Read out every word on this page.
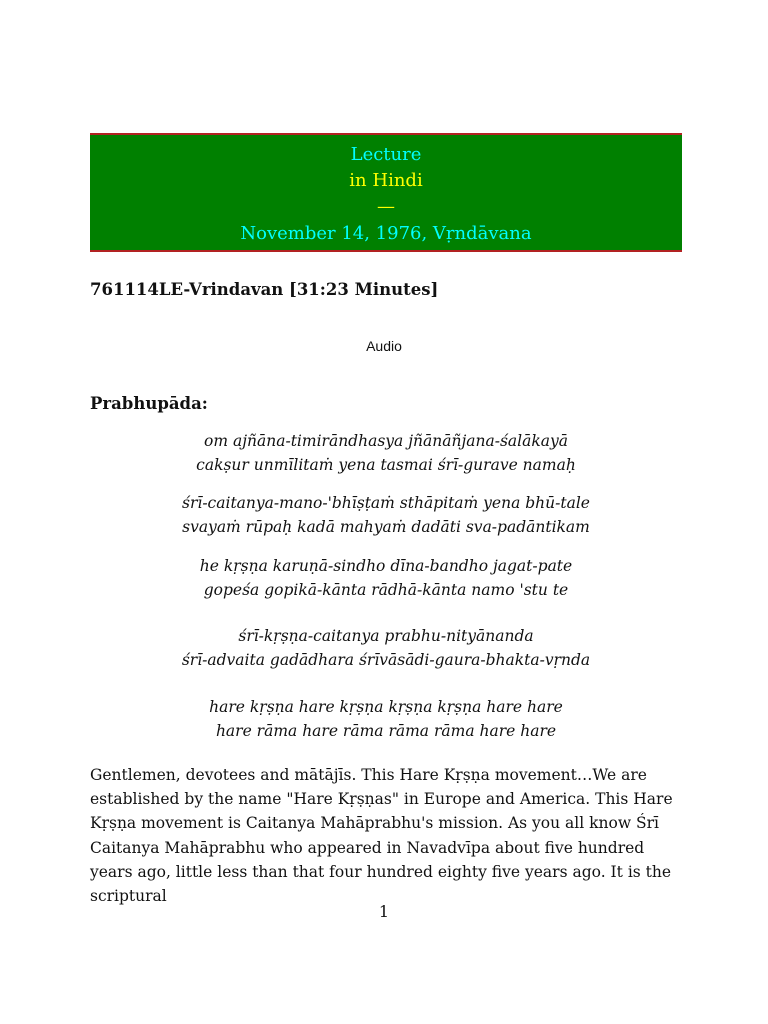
Lecture
in Hindi
—
November 14, 1976, Vṛndāvana
761114LE-Vrindavan [31:23 Minutes]
Audio
Prabhupāda:
om ajñāna-timirāndhasya jñānāñjana-śalākayā
cakṣur unmīlitaṁ yena tasmai śrī-gurave namaḥ
śrī-caitanya-mano-'bhīṣṭaṁ sthāpitaṁ yena bhū-tale
svayaṁ rūpaḥ kadā mahyaṁ dadāti sva-padāntikam
he kṛṣṇa karuṇā-sindho dīna-bandho jagat-pate
gopeśa gopikā-kānta rādhā-kānta namo 'stu te
śrī-kṛṣṇa-caitanya prabhu-nityānanda
śrī-advaita gadādhara śrīvāsādi-gaura-bhakta-vṛnda
hare kṛṣṇa hare kṛṣṇa kṛṣṇa kṛṣṇa hare hare
hare rāma hare rāma rāma rāma hare hare

Gentlemen, devotees and mātājīs. This Hare Kṛṣṇa movement…We are established by the name "Hare Kṛṣṇas" in Europe and America. This Hare Kṛṣṇa movement is Caitanya Mahāprabhu's mission. As you all know Śrī Caitanya Mahāprabhu who appeared in Navadvīpa about five hundred years ago, little less than that four hundred eighty five years ago. It is the scriptural

1
